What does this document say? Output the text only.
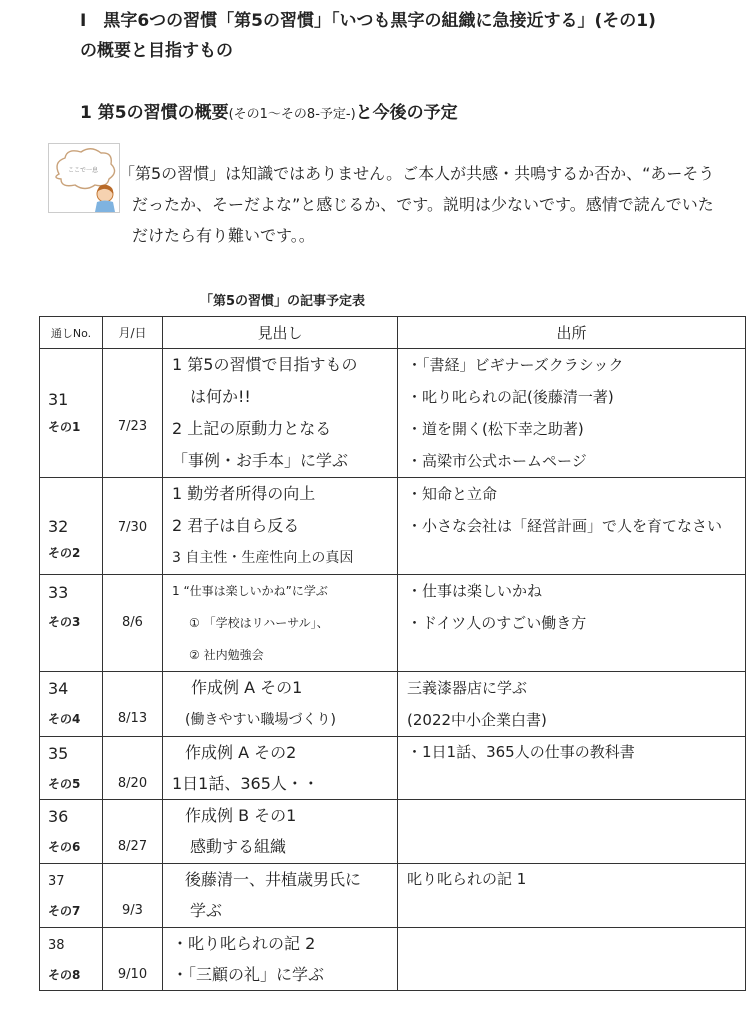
Ⅰ　黒字6つの習慣「第5の習慣」「いつも黒字の組織に急接近する」(その1)
の概要と目指すもの
1 第5の習慣の概要(その1～その8-予定-)と今後の予定
ここで一息 「第5の習慣」は知識ではありません。ご本人が共感・共鳴するか否か、“あーそう
だったか、そーだよな”と感じるか、です。説明は少ないです。感情で読んでいた
だけたら有り難いです。。
「第5の習慣」の記事予定表
通しNo.	月/日	見出し	出所

31
その1	7/23	1 第5の習慣で目指すもの
は何か!!
2 上記の原動力となる
「事例・お手本」に学ぶ	・「書経」ビギナーズクラシック
・叱り叱られの記(後藤清一著)
・道を開く(松下幸之助著)
・高梁市公式ホームページ

32
その2	7/30	1 勤労者所得の向上
2 君子は自ら反る
3 自主性・生産性向上の真因	・知命と立命
・小さな会社は「経営計画」で人を育てなさい

33
その3	8/6	1 “仕事は楽しいかね”に学ぶ
① 「学校はリハーサル」、
② 社内勉強会	・仕事は楽しいかね
・ドイツ人のすごい働き方

34
その4	8/13	作成例 A その1
(働きやすい職場づくり)	三義漆器店に学ぶ
(2022中小企業白書)

35
その5	8/20	作成例 A その2
1日1話、365人・・	・1日1話、365人の仕事の教科書

36
その6	8/27	作成例 B その1
感動する組織	

37
その7	9/3	後藤清一、井植歳男氏に
学ぶ	叱り叱られの記 1

38
その8	9/10	・叱り叱られの記 2
・「三顧の礼」に学ぶ	
